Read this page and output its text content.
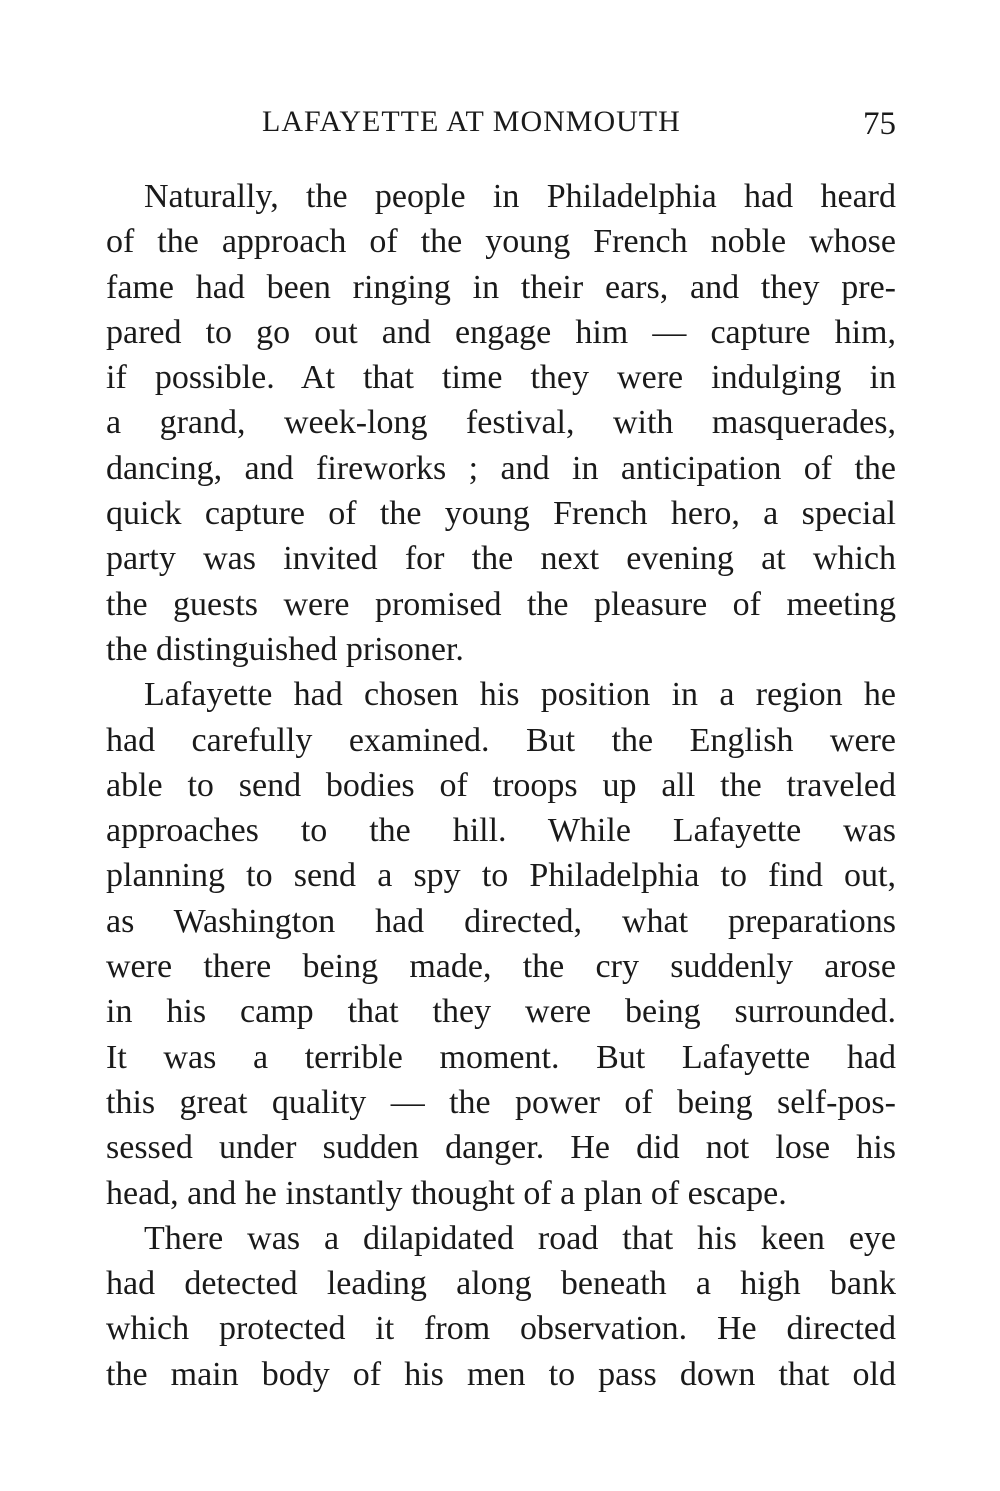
LAFAYETTE AT MONMOUTH	75
Naturally, the people in Philadelphia had heard
of the approach of the young French noble whose
fame had been ringing in their ears, and they pre-
pared to go out and engage him — capture him,
if possible. At that time they were indulging in
a grand, week-long festival, with masquerades,
dancing, and fireworks ; and in anticipation of the
quick capture of the young French hero, a special
party was invited for the next evening at which
the guests were promised the pleasure of meeting
the distinguished prisoner.
Lafayette had chosen his position in a region he
had carefully examined. But the English were
able to send bodies of troops up all the traveled
approaches to the hill. While Lafayette was
planning to send a spy to Philadelphia to find out,
as Washington had directed, what preparations
were there being made, the cry suddenly arose
in his camp that they were being surrounded.
It was a terrible moment. But Lafayette had
this great quality — the power of being self-pos-
sessed under sudden danger. He did not lose his
head, and he instantly thought of a plan of escape.
There was a dilapidated road that his keen eye
had detected leading along beneath a high bank
which protected it from observation. He directed
the main body of his men to pass down that old
